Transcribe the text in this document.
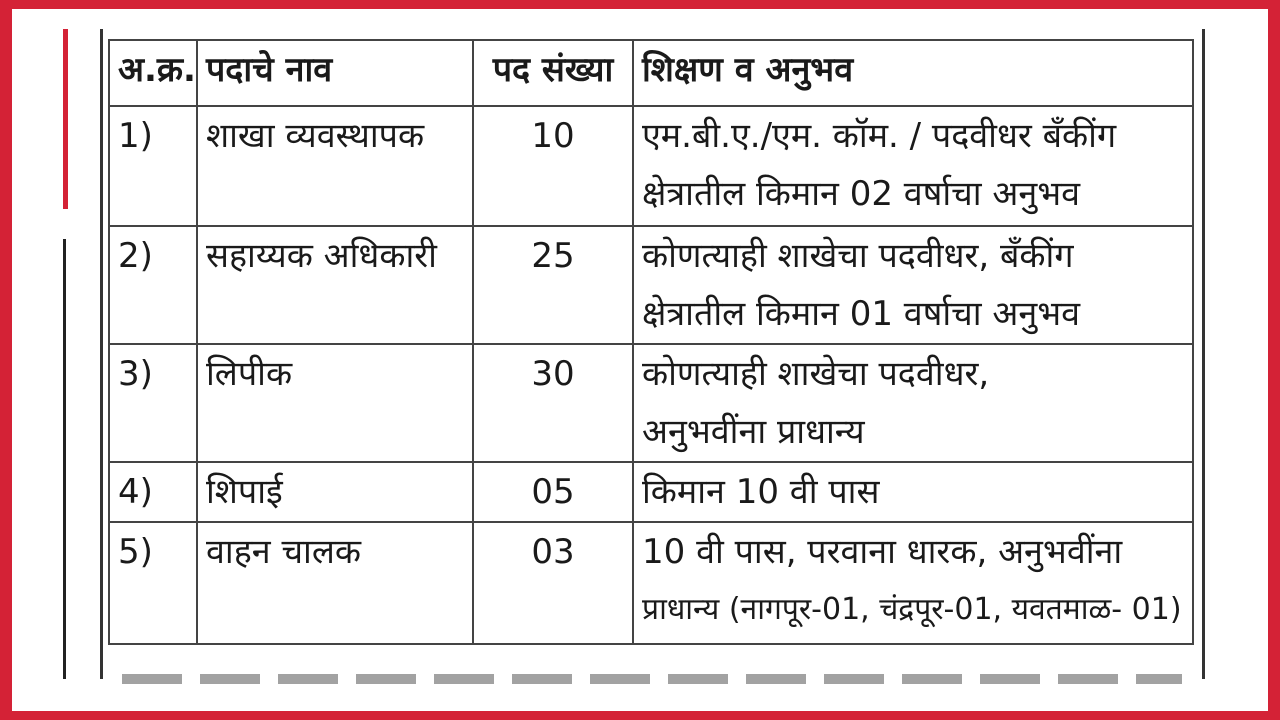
अ.क्र.	पदाचे नाव	पद संख्या	शिक्षण व अनुभव
1)	शाखा व्यवस्थापक	10	एम.बी.ए./एम. कॉम. / पदवीधर बँकींग
क्षेत्रातील किमान 02 वर्षाचा अनुभव

2)	सहाय्यक अधिकारी	25	कोणत्याही शाखेचा पदवीधर, बँकींग
क्षेत्रातील किमान 01 वर्षाचा अनुभव

3)	लिपीक	30	कोणत्याही शाखेचा पदवीधर,
अनुभवींना प्राधान्य

4)	शिपाई	05	किमान 10 वी पास

5)	वाहन चालक	03	10 वी पास, परवाना धारक, अनुभवींना
प्राधान्य (नागपूर-01, चंद्रपूर-01, यवतमाळ- 01)
